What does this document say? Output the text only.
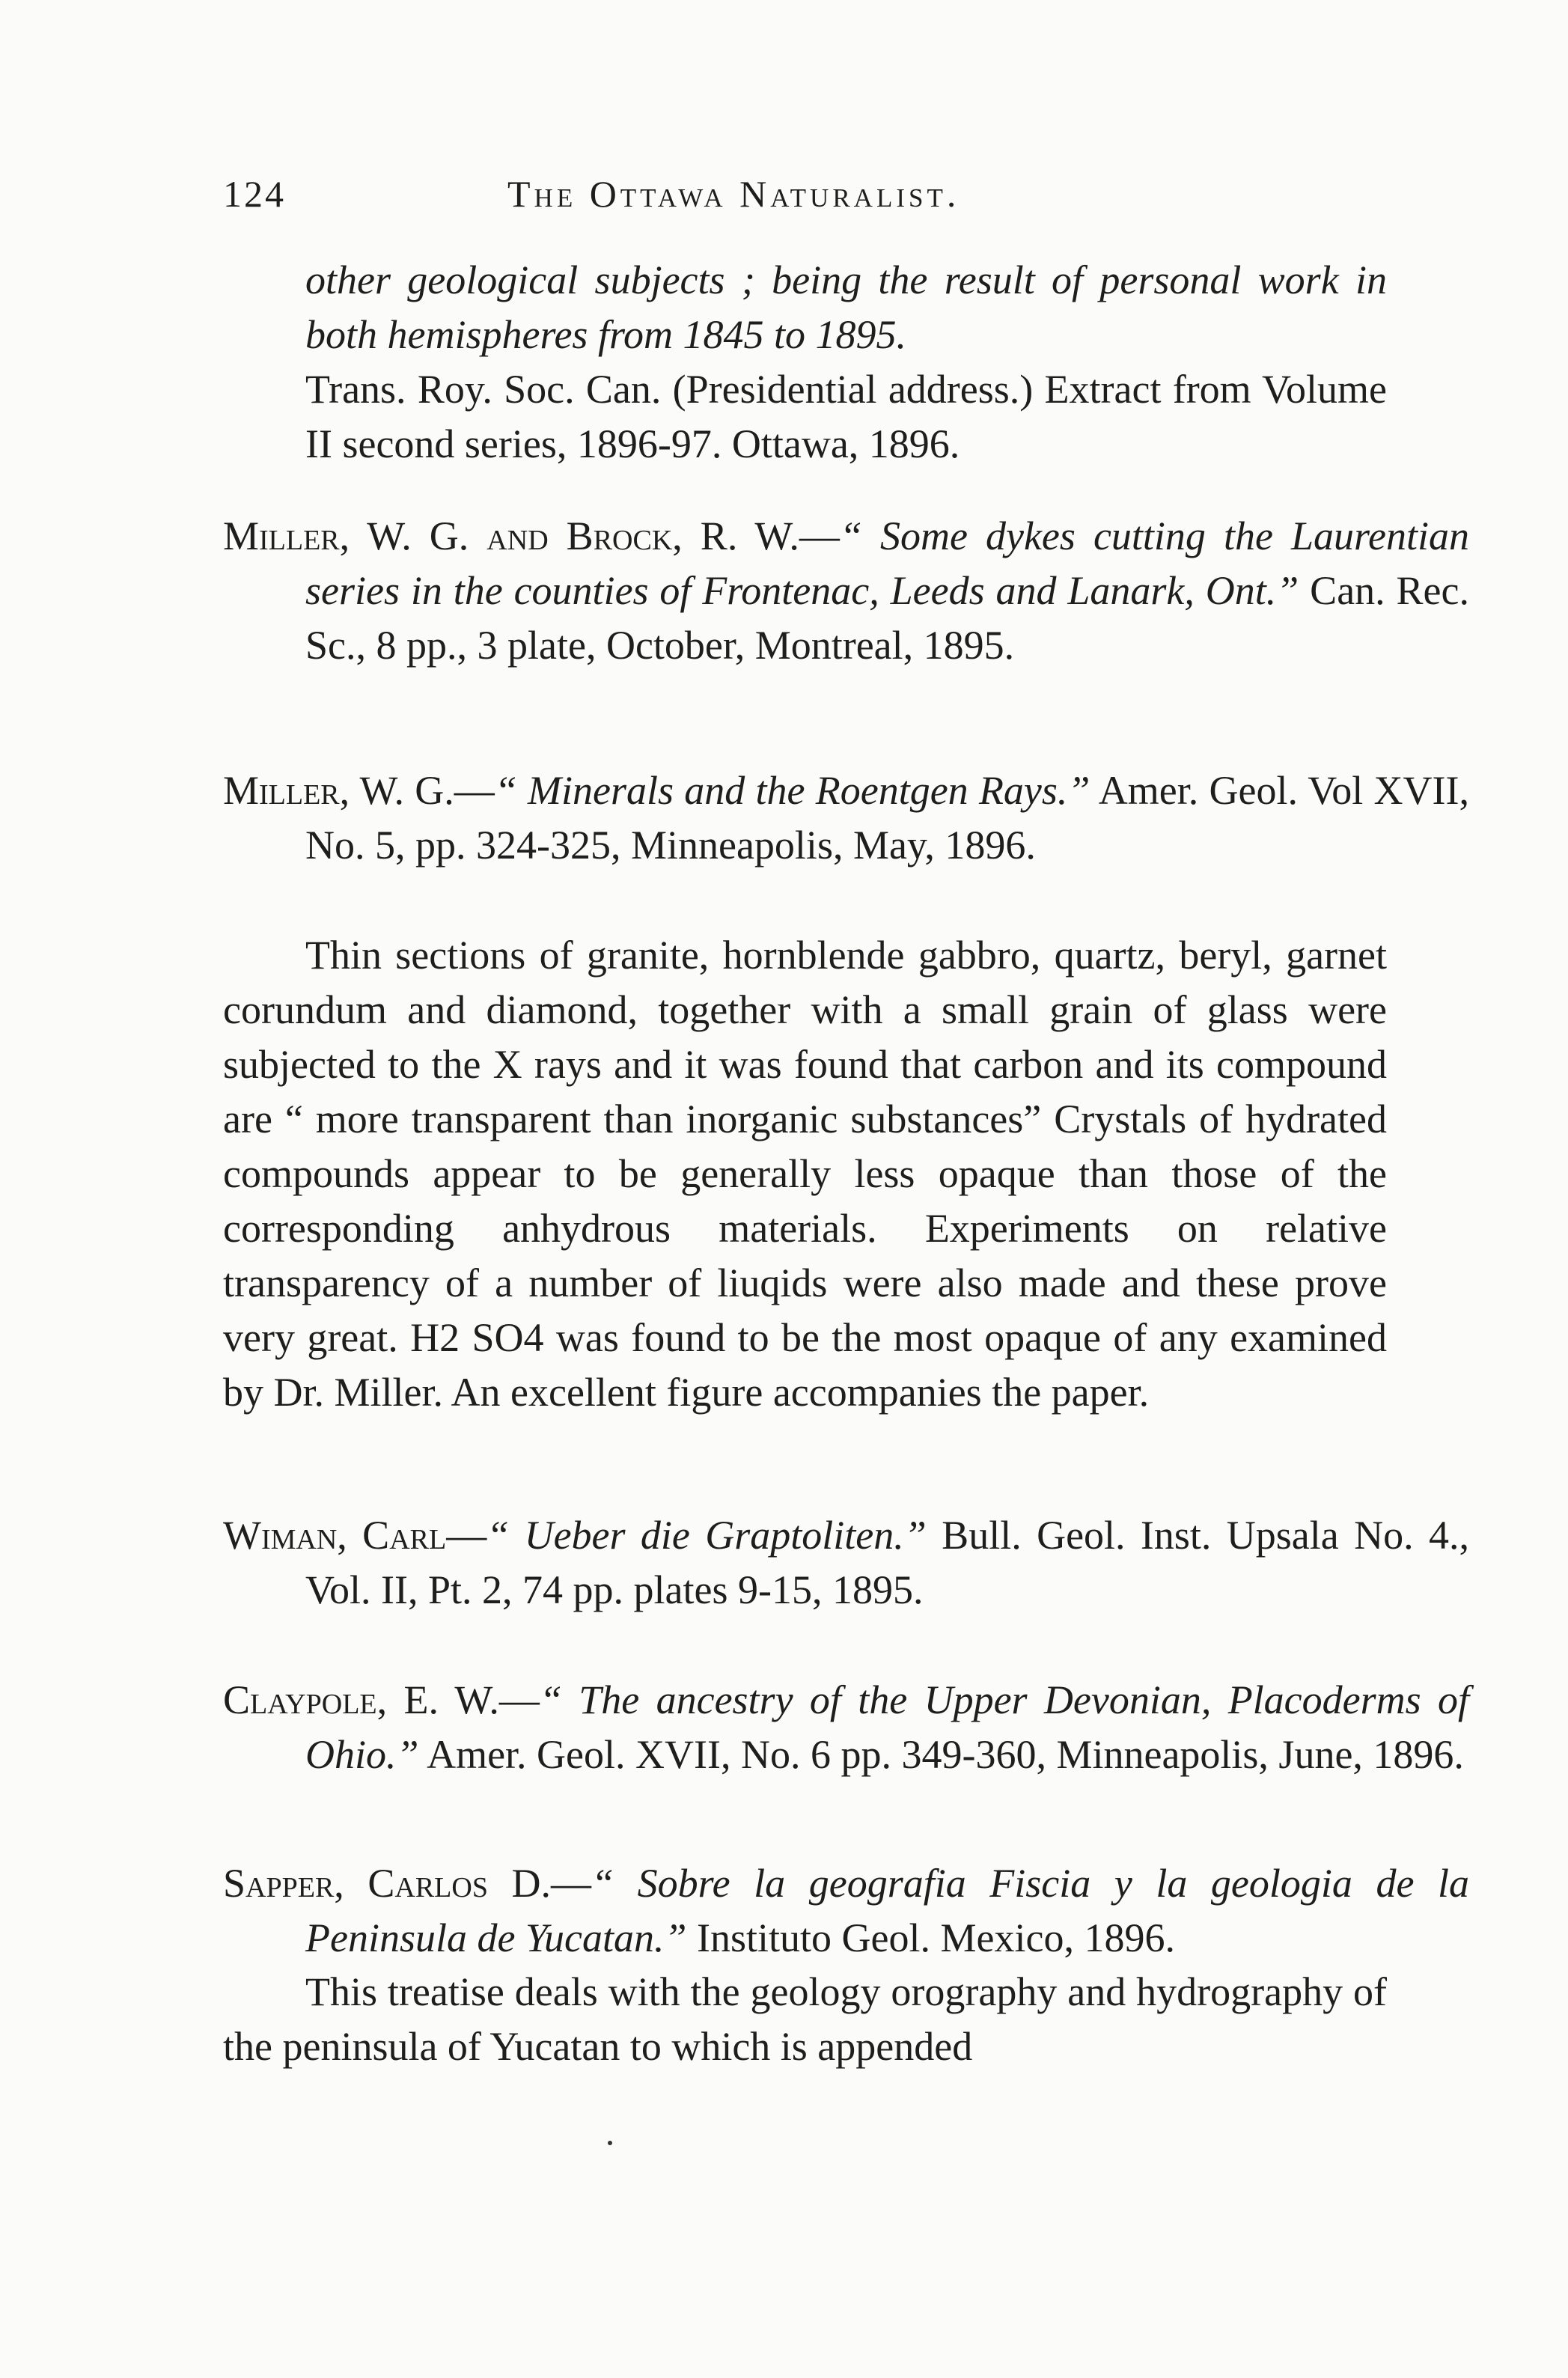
124	The Ottawa Naturalist.
other geological subjects ; being the result of personal work in both hemispheres from 1845 to 1895.
Trans. Roy. Soc. Can. (Presidential address.) Extract from Volume II second series, 1896-97. Ottawa, 1896.
Miller, W. G. and Brock, R. W.—“ Some dykes cutting the Laurentian series in the counties of Frontenac, Leeds and Lanark, Ont.” Can. Rec. Sc., 8 pp., 3 plate, October, Montreal, 1895.
Miller, W. G.—“ Minerals and the Roentgen Rays.” Amer. Geol. Vol XVII, No. 5, pp. 324-325, Minneapolis, May, 1896.
Thin sections of granite, hornblende gabbro, quartz, beryl, garnet corundum and diamond, together with a small grain of glass were subjected to the X rays and it was found that carbon and its compound are “ more transparent than inorganic substances” Crystals of hydrated compounds appear to be generally less opaque than those of the corresponding anhydrous materials. Experiments on relative transparency of a number of liuqids were also made and these prove very great. H2 SO4 was found to be the most opaque of any examined by Dr. Miller. An excellent figure accompanies the paper.
Wiman, Carl—“ Ueber die Graptoliten.” Bull. Geol. Inst. Upsala No. 4., Vol. II, Pt. 2, 74 pp. plates 9-15, 1895.
Claypole, E. W.—“ The ancestry of the Upper Devonian, Placoderms of Ohio.” Amer. Geol. XVII, No. 6 pp. 349-360, Minneapolis, June, 1896.
Sapper, Carlos D.—“ Sobre la geografia Fiscia y la geologia de la Peninsula de Yucatan.” Instituto Geol. Mexico, 1896.
This treatise deals with the geology orography and hydrography of the peninsula of Yucatan to which is appended
